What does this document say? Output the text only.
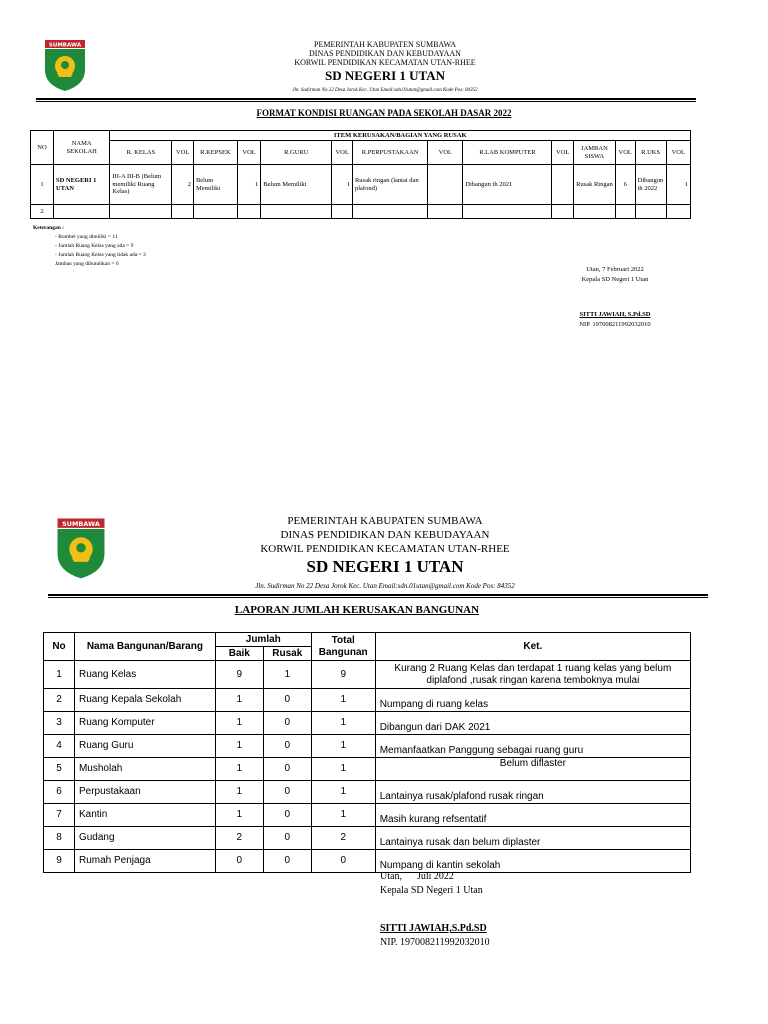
SUMBAWA	PEMERINTAH KABUPATEN SUMBAWA
DINAS PENDIDIKAN DAN KEBUDAYAAN
KORWIL PENDIDIKAN KECAMATAN UTAN-RHEE
SD NEGERI 1 UTAN
Jln. Sudirman No 22 Desa Jorok Kec. Utan Email:sdn.01utan@gmail.com Kode Pos: 84352
FORMAT KONDISI RUANGAN PADA SEKOLAH DASAR 2022
NO	NAMA SEKOLAH	ITEM KERUSAKAN/BAGIAN YANG RUSAK													
		R. KELAS	VOL	R.KEPSEK	VOL	R.GURU	VOL	R.PERPUSTAKAAN	VOL	R.LAB KOMPUTER	VOL	JAMBAN SISWA	VOL	R.UKS	VOL
1	SD NEGERI 1 UTAN	III-A III-B (Belum memiliki Ruang Kelas)	2	Belum Memiliki	1	Belum Memiliki	1	Rusak ringan (lantai dan plafond)		Dibangun th 2021		Rusak Ringan	6	Dibangun th 2022	1
2															
Keterangan :
- Rombel yang dimiliki = 11
- Jumlah Ruang Kelas yang ada = 9
- Jumlah Ruang Kelas yang tidak ada = 3
Jamban yang dibutuhkan = 6
Utan, 7 Februari 2022
Kepala SD Negeri 1 Utan
SITTI JAWIAH, S.Pd.SD
NIP. 197008211992032010
SUMBAWA	PEMERINTAH KABUPATEN SUMBAWA
DINAS PENDIDIKAN DAN KEBUDAYAAN
KORWIL PENDIDIKAN KECAMATAN UTAN-RHEE
SD NEGERI 1 UTAN
Jln. Sudirman No 22 Desa Jorok Kec. Utan Email:sdn.01utan@gmail.com Kode Pos: 84352
LAPORAN JUMLAH KERUSAKAN BANGUNAN
No	Nama Bangunan/Barang	Jumlah		Total Bangunan	Ket.
		Baik	Rusak		
1	Ruang Kelas	9	1	9	Kurang 2 Ruang Kelas dan terdapat 1 ruang kelas yang belum diplafond ,rusak ringan karena temboknya mulai
2	Ruang Kepala Sekolah	1	0	1	Numpang di ruang kelas
3	Ruang Komputer	1	0	1	Dibangun dari DAK 2021
4	Ruang Guru	1	0	1	Memanfaatkan Panggung sebagai ruang guru
5	Musholah	1	0	1	Belum diflaster
6	Perpustakaan	1	0	1	Lantainya rusak/plafond rusak ringan
7	Kantin	1	0	1	Masih kurang refsentatif
8	Gudang	2	0	2	Lantainya rusak dan belum diplaster
9	Rumah Penjaga	0	0	0	Numpang di kantin sekolah
Utan,      Juli 2022
Kepala SD Negeri 1 Utan
SITTI JAWIAH,S.Pd.SD
NIP. 197008211992032010
